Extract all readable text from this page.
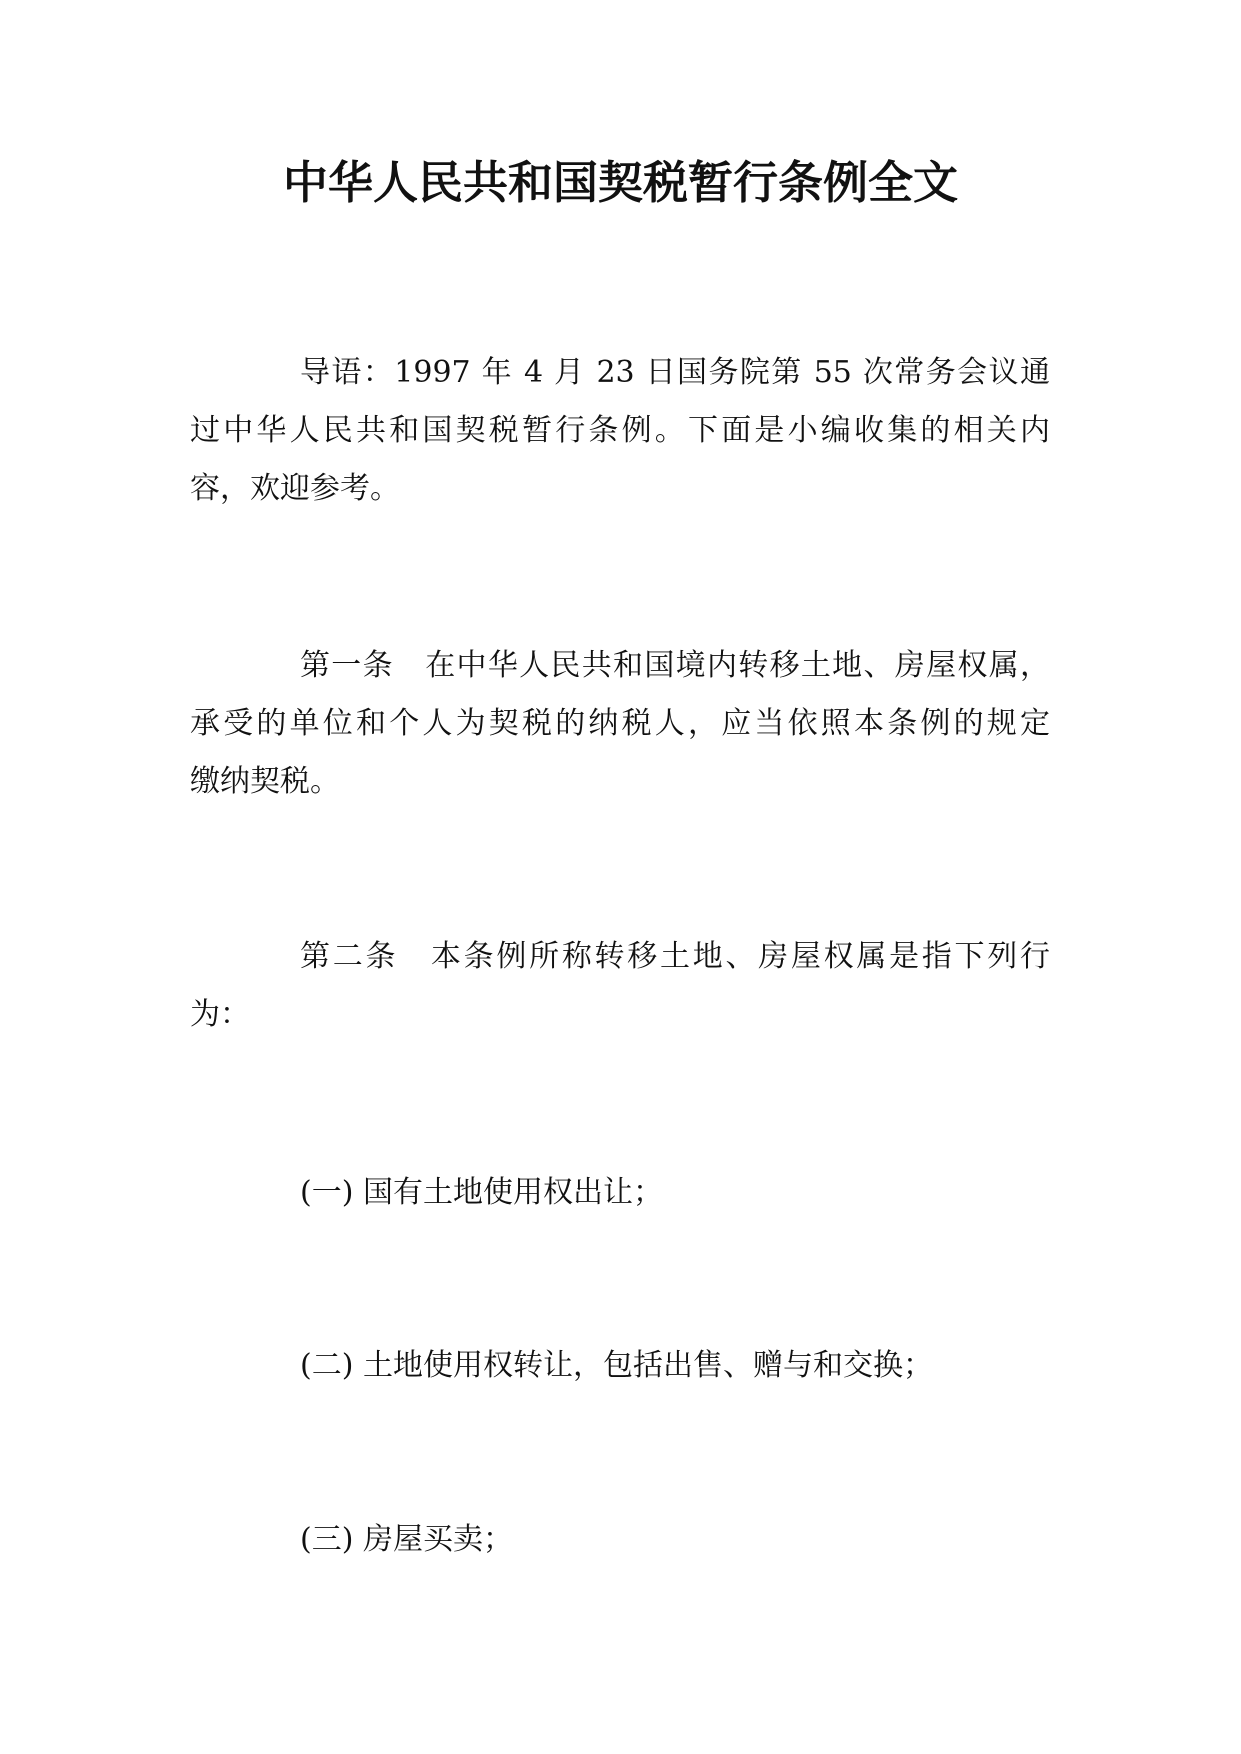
中华人民共和国契税暂行条例全文
导语：1997 年 4 月 23 日国务院第 55 次常务会议通
过中华人民共和国契税暂行条例。下面是小编收集的相关内
容，欢迎参考。
第一条　在中华人民共和国境内转移土地、房屋权属，
承受的单位和个人为契税的纳税人，应当依照本条例的规定
缴纳契税。
第二条　本条例所称转移土地、房屋权属是指下列行
为：
(一) 国有土地使用权出让；
(二) 土地使用权转让，包括出售、赠与和交换；
(三) 房屋买卖；
